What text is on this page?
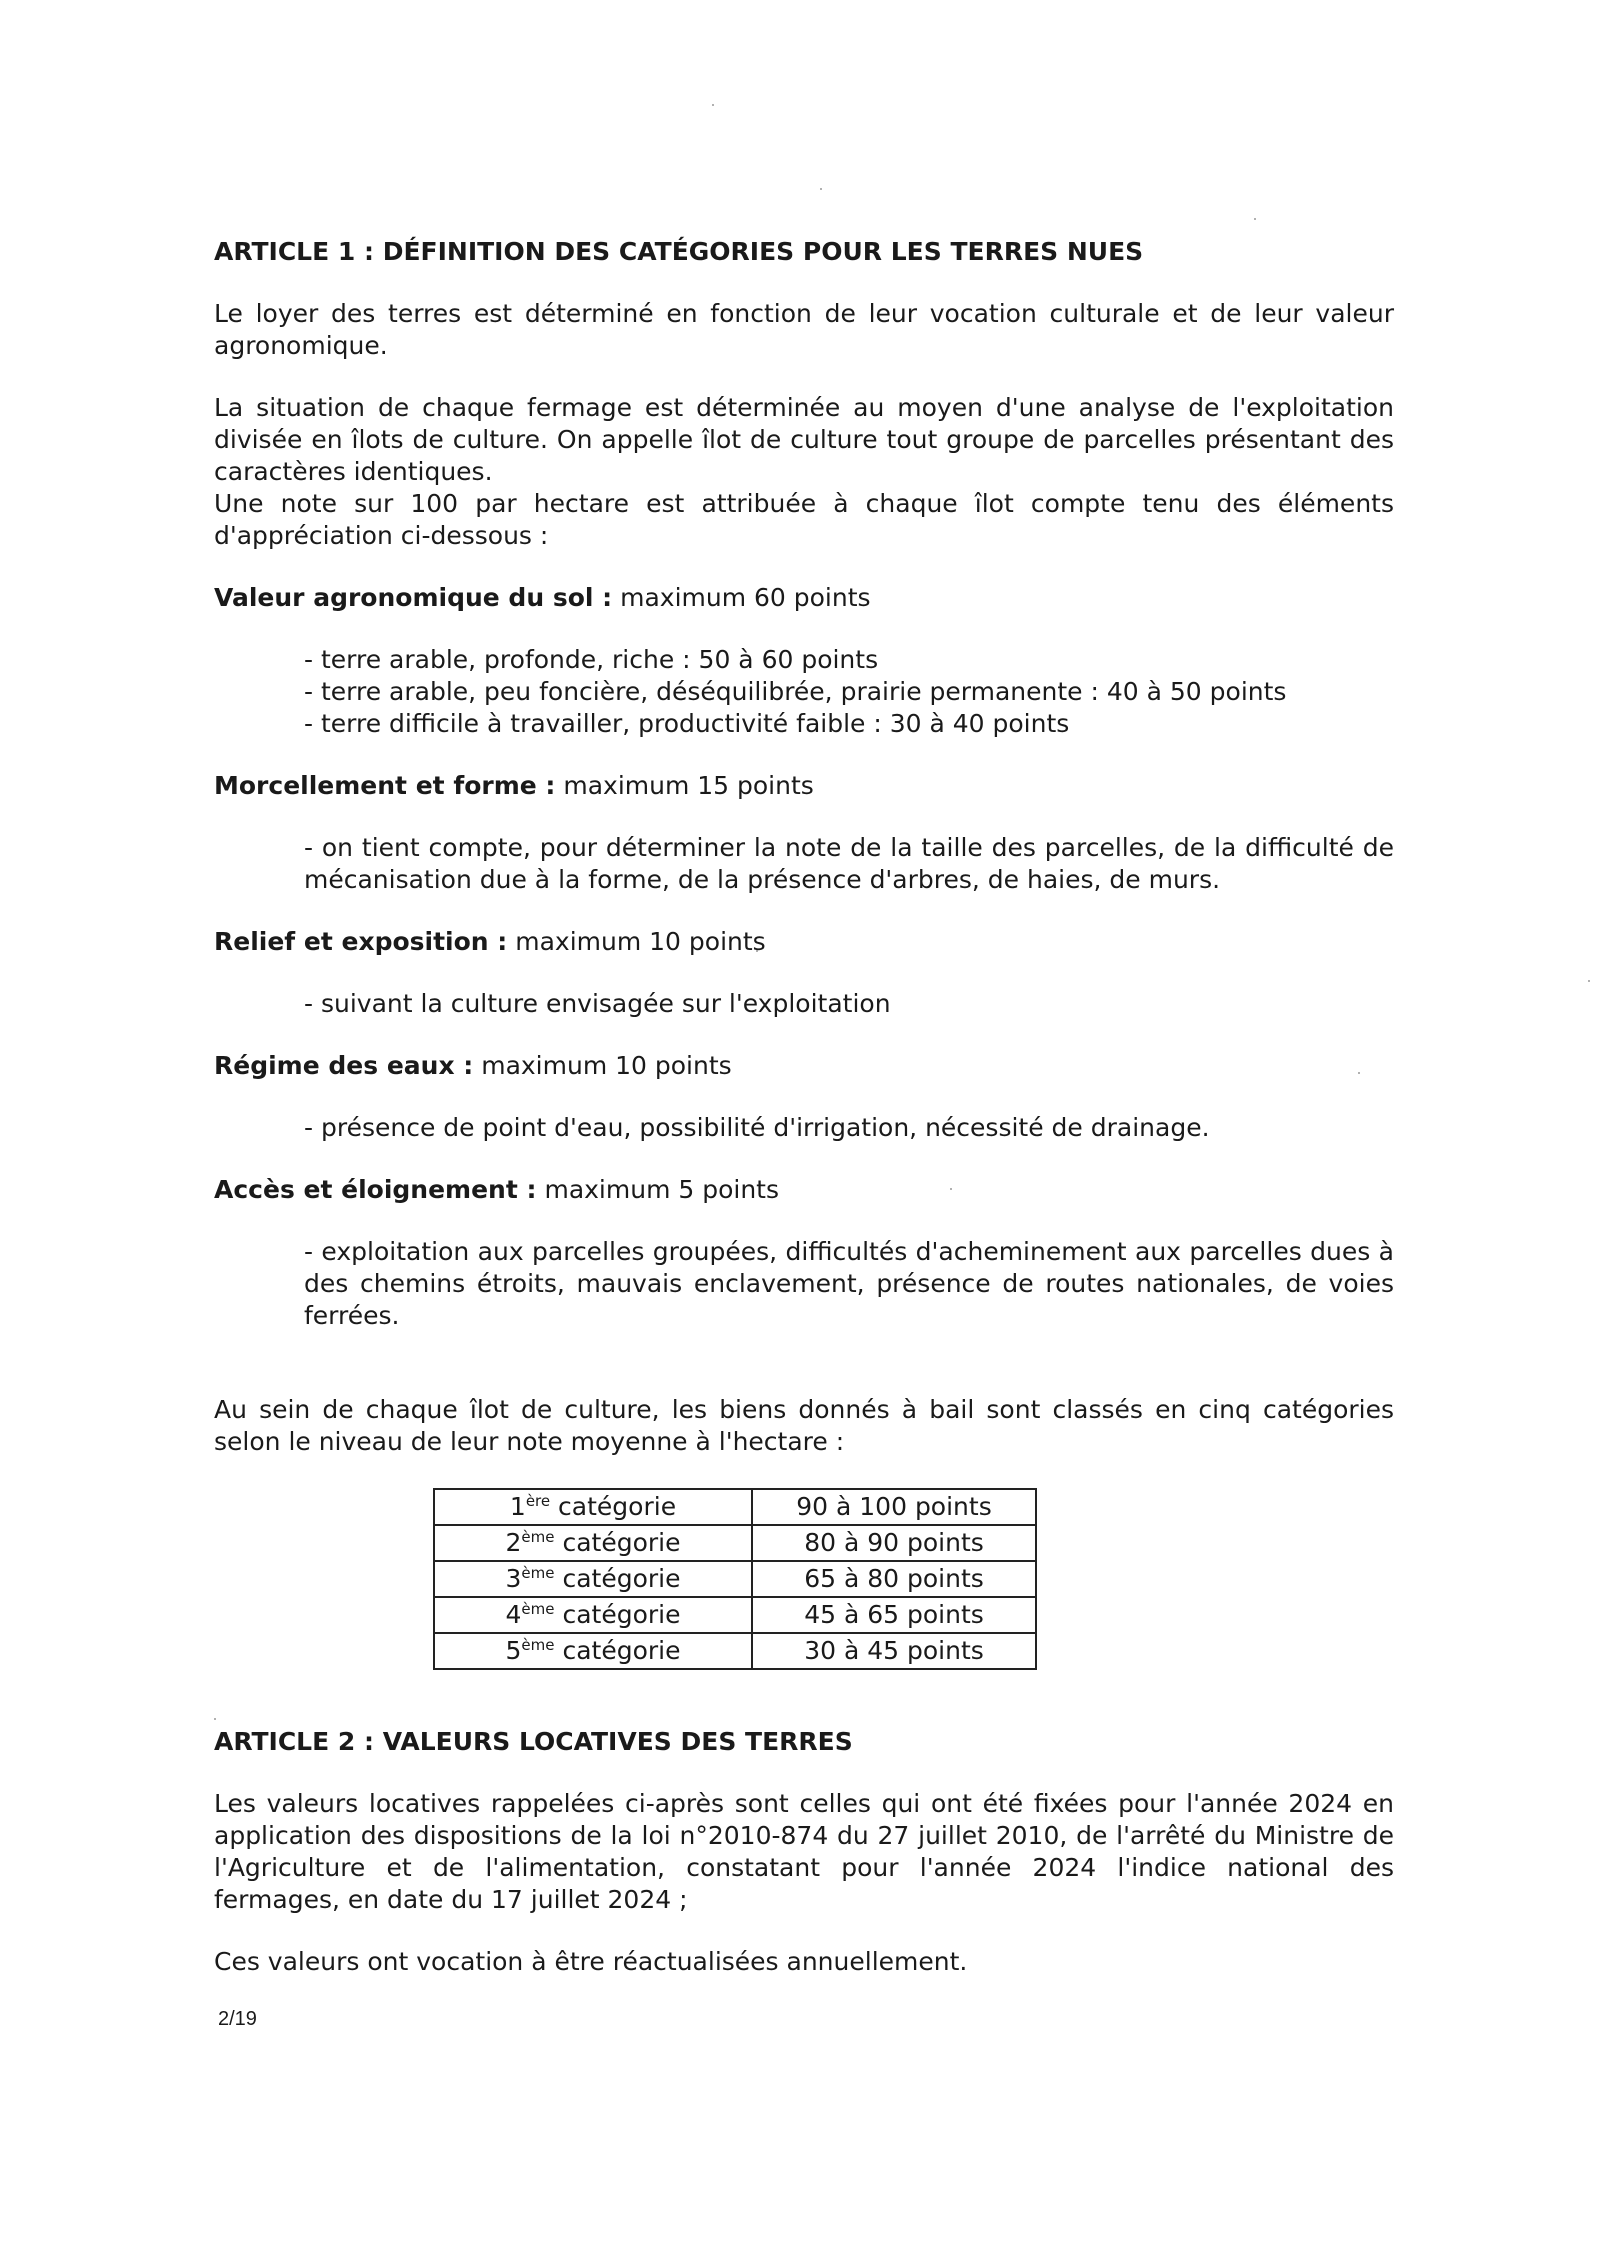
ARTICLE 1 : DÉFINITION DES CATÉGORIES POUR LES TERRES NUES

Le loyer des terres est déterminé en fonction de leur vocation culturale et de leur valeur agronomique.

La situation de chaque fermage est déterminée au moyen d'une analyse de l'exploitation divisée en îlots de culture. On appelle îlot de culture tout groupe de parcelles présentant des caractères identiques.

Une note sur 100 par hectare est attribuée à chaque îlot compte tenu des éléments d'appréciation ci-dessous :

Valeur agronomique du sol : maximum 60 points
- terre arable, profonde, riche : 50 à 60 points
- terre arable, peu foncière, déséquilibrée, prairie permanente : 40 à 50 points
- terre difficile à travailler, productivité faible : 30 à 40 points
Morcellement et forme : maximum 15 points

- on tient compte, pour déterminer la note de la taille des parcelles, de la difficulté de mécanisation due à la forme, de la présence d'arbres, de haies, de murs.

Relief et exposition : maximum 10 points
- suivant la culture envisagée sur l'exploitation
Régime des eaux : maximum 10 points
- présence de point d'eau, possibilité d'irrigation, nécessité de drainage.
Accès et éloignement : maximum 5 points

- exploitation aux parcelles groupées, difficultés d'acheminement aux parcelles dues à des chemins étroits, mauvais enclavement, présence de routes nationales, de voies ferrées.

Au sein de chaque îlot de culture, les biens donnés à bail sont classés en cinq catégories selon le niveau de leur note moyenne à l'hectare :

1ère catégorie	90 à 100 points
2ème catégorie	80 à 90 points
3ème catégorie	65 à 80 points
4ème catégorie	45 à 65 points
5ème catégorie	30 à 45 points
ARTICLE 2 : VALEURS LOCATIVES DES TERRES

Les valeurs locatives rappelées ci-après sont celles qui ont été fixées pour l'année 2024 en application des dispositions de la loi n°2010-874 du 27 juillet 2010, de l'arrêté du Ministre de l'Agriculture et de l'alimentation, constatant pour l'année 2024 l'indice national des fermages, en date du 17 juillet 2024 ;

Ces valeurs ont vocation à être réactualisées annuellement.

2/19
